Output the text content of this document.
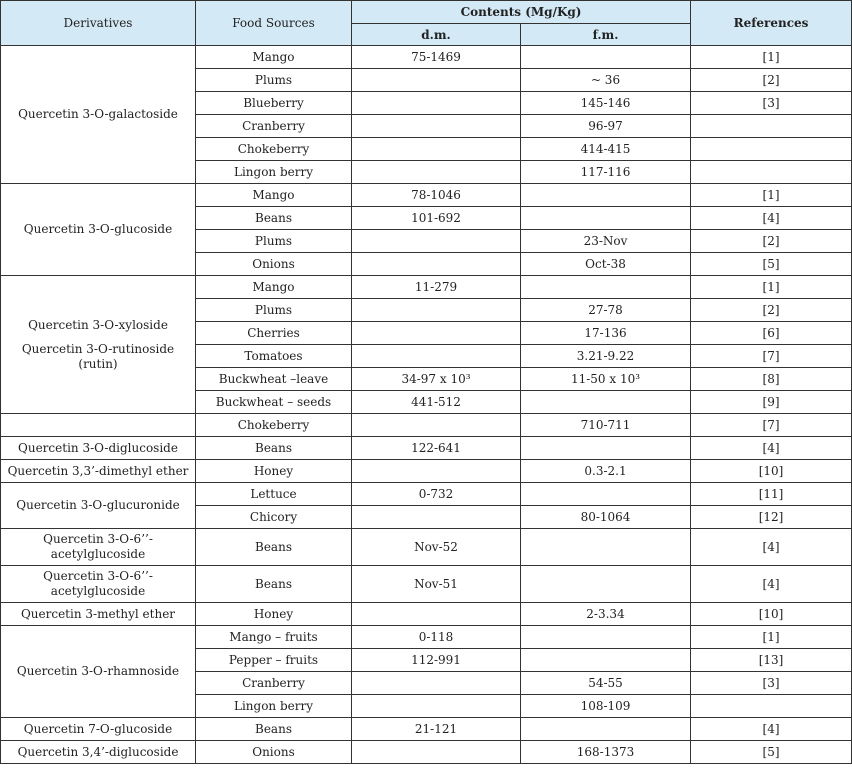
Derivatives	Food Sources	Contents (Mg/Kg)		References
		d.m.	f.m.	

Quercetin 3-O-galactoside	Mango	75-1469		[1]
	Plums		~ 36	[2]
	Blueberry		145-146	[3]
	Cranberry		96-97	
	Chokeberry		414-415	
	Lingon berry		117-116	

Quercetin 3-O-glucoside	Mango	78-1046		[1]
	Beans	101-692		[4]
	Plums		23-Nov	[2]
	Onions		Oct-38	[5]

Quercetin 3-O-xyloside
Quercetin 3-O-rutinoside (rutin)	Mango	11-279		[1]
	Plums		27-78	[2]
	Cherries		17-136	[6]
	Tomatoes		3.21-9.22	[7]
	Buckwheat –leave	34-97 x 10³	11-50 x 10³	[8]
	Buckwheat – seeds	441-512		[9]

	Chokeberry		710-711	[7]

Quercetin 3-O-diglucoside	Beans	122-641		[4]

Quercetin 3,3’-dimethyl ether	Honey		0.3-2.1	[10]

Quercetin 3-O-glucuronide	Lettuce	0-732		[11]
	Chicory		80-1064	[12]

Quercetin 3-O-6’’-acetylglucoside	Beans	Nov-52		[4]

Quercetin 3-O-6’’-acetylglucoside	Beans	Nov-51		[4]

Quercetin 3-methyl ether	Honey		2-3.34	[10]

Quercetin 3-O-rhamnoside	Mango – fruits	0-118		[1]
	Pepper – fruits	112-991		[13]
	Cranberry		54-55	[3]
	Lingon berry		108-109	

Quercetin 7-O-glucoside	Beans	21-121		[4]

Quercetin 3,4’-diglucoside	Onions		168-1373	[5]
